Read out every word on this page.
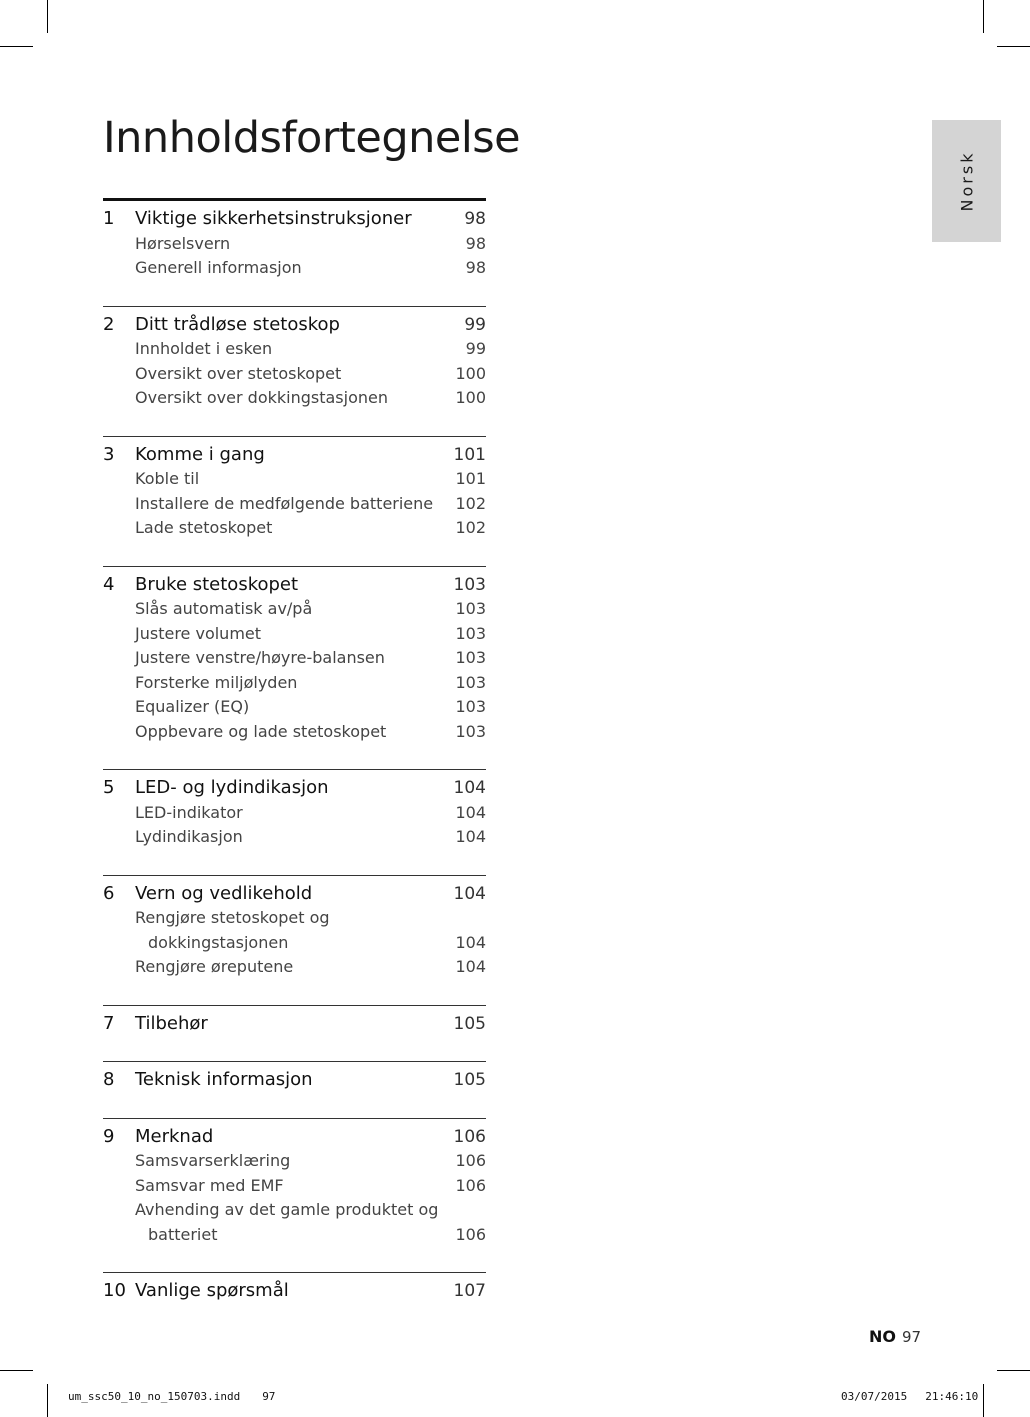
Innholdsfortegnelse
Norsk
1 Viktige sikkerhetsinstruksjoner	98
Hørselsvern	98
Generell informasjon	98
2 Ditt trådløse stetoskop	99
Innholdet i esken	99
Oversikt over stetoskopet	100
Oversikt over dokkingstasjonen	100
3 Komme i gang	101
Koble til	101
Installere de medfølgende batteriene 102
Lade stetoskopet	102
4 Bruke stetoskopet	103
Slås automatisk av/på	103
Justere volumet	103
Justere venstre/høyre-balansen	103
Forsterke miljølyden	103
Equalizer (EQ)	103
Oppbevare og lade stetoskopet	103
5 LED- og lydindikasjon	104
LED-indikator	104
Lydindikasjon	104
6 Vern og vedlikehold	104
Rengjøre stetoskopet og
dokkingstasjonen	104
Rengjøre øreputene	104
7 Tilbehør	105
8 Teknisk informasjon	105
9 Merknad	106
Samsvarserklæring	106
Samsvar med EMF	106
Avhending av det gamle produktet og
batteriet	106
10 Vanlige spørsmål	107
NO 97
um_ssc50_10_no_150703.indd 97	03/07/2015 21:46:10
